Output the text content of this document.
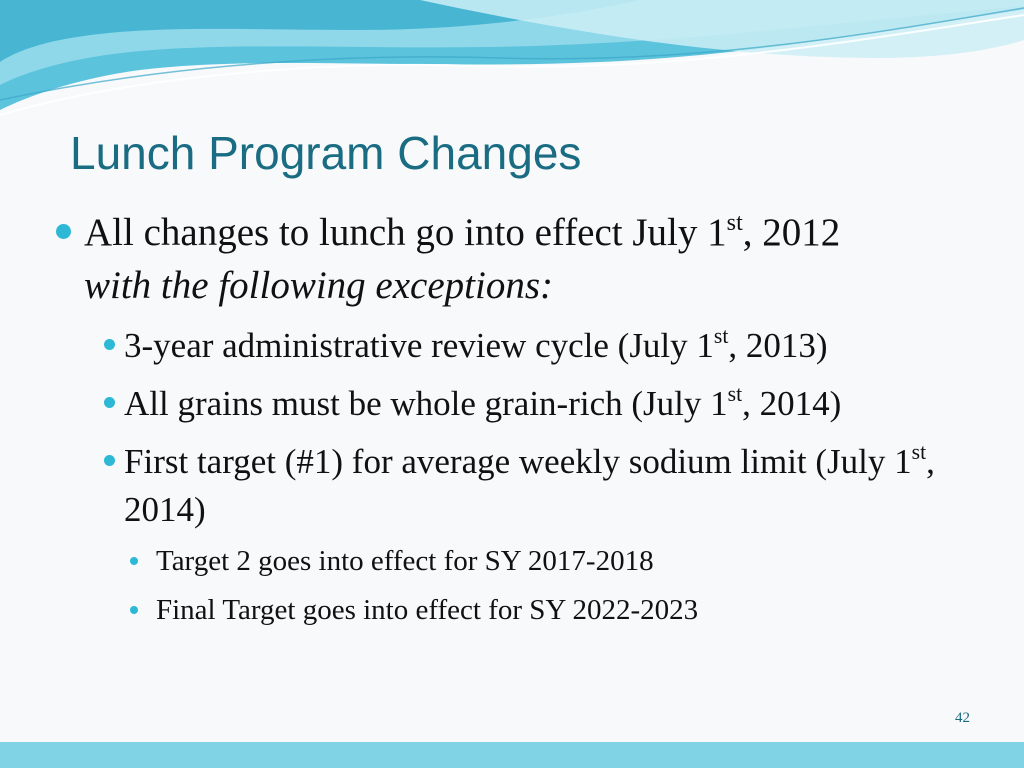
Lunch Program Changes
All changes to lunch go into effect July 1st, 2012
with the following exceptions:
3-year administrative review cycle (July 1st, 2013)
All grains must be whole grain-rich (July 1st, 2014)
First target (#1) for average weekly sodium limit (July 1st, 2014)
Target 2 goes into effect for SY 2017-2018
Final Target goes into effect for SY 2022-2023
42
